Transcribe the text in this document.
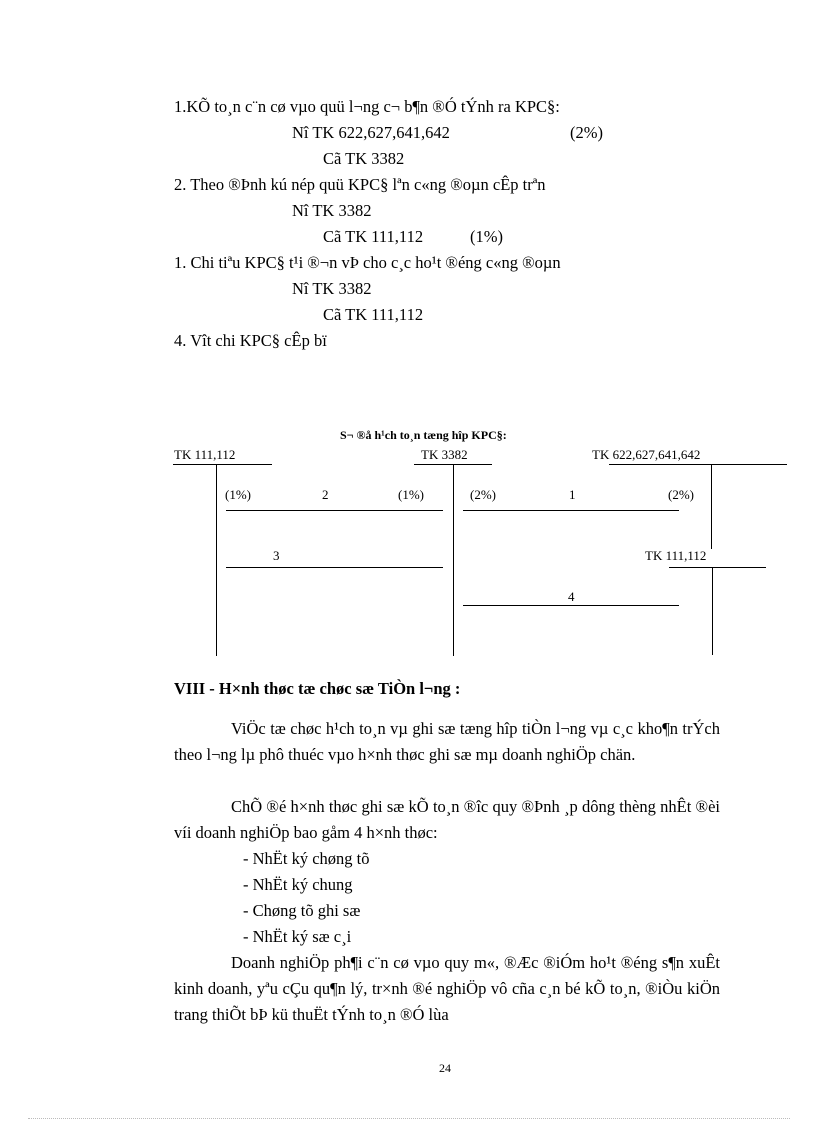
1.KÕ to¸n c¨n cø vµo quü l¬ng c¬ b¶n ®Ó tÝnh ra KPC§:
Nî TK 622,627,641,642	(2%)
Cã TK 3382
2. Theo ®Þnh kú nép quü KPC§ lªn c«ng ®oµn cÊp trªn
Nî TK 3382
Cã TK 111,112	(1%)
1. Chi tiªu KPC§ t¹i ®¬n vÞ cho c¸c ho¹t ®éng c«ng ®oµn
Nî TK 3382
Cã TK 111,112
4. Vît chi KPC§ cÊp bï
S¬ ®å h¹ch to¸n tæng hîp KPC§:
TK 111,112	TK 3382	TK 622,627,641,642
TK 111,112
(1%)	2	(1%)	(2%)	1	(2%)
3
4
VIII - H×nh thøc tæ chøc sæ TiÒn l¬ng :
ViÖc tæ chøc h¹ch to¸n vµ ghi sæ tæng hîp tiÒn l¬ng vµ c¸c kho¶n trÝch theo l¬ng lµ phô thuéc vµo h×nh thøc ghi sæ mµ doanh nghiÖp chän.
ChÕ ®é h×nh thøc ghi sæ kÕ to¸n ®îc quy ®Þnh ¸p dông thèng nhÊt ®èi víi doanh nghiÖp bao gåm 4 h×nh thøc:
- NhËt ký chøng tõ
- NhËt ký chung
- Chøng tõ ghi sæ
- NhËt ký sæ c¸i
Doanh nghiÖp ph¶i c¨n cø vµo quy m«, ®Æc ®iÓm ho¹t ®éng s¶n xuÊt kinh doanh, yªu cÇu qu¶n lý, tr×nh ®é nghiÖp vô cña c¸n bé kÕ to¸n, ®iÒu kiÖn trang thiÕt bÞ kü thuËt tÝnh to¸n ®Ó lùa
24
